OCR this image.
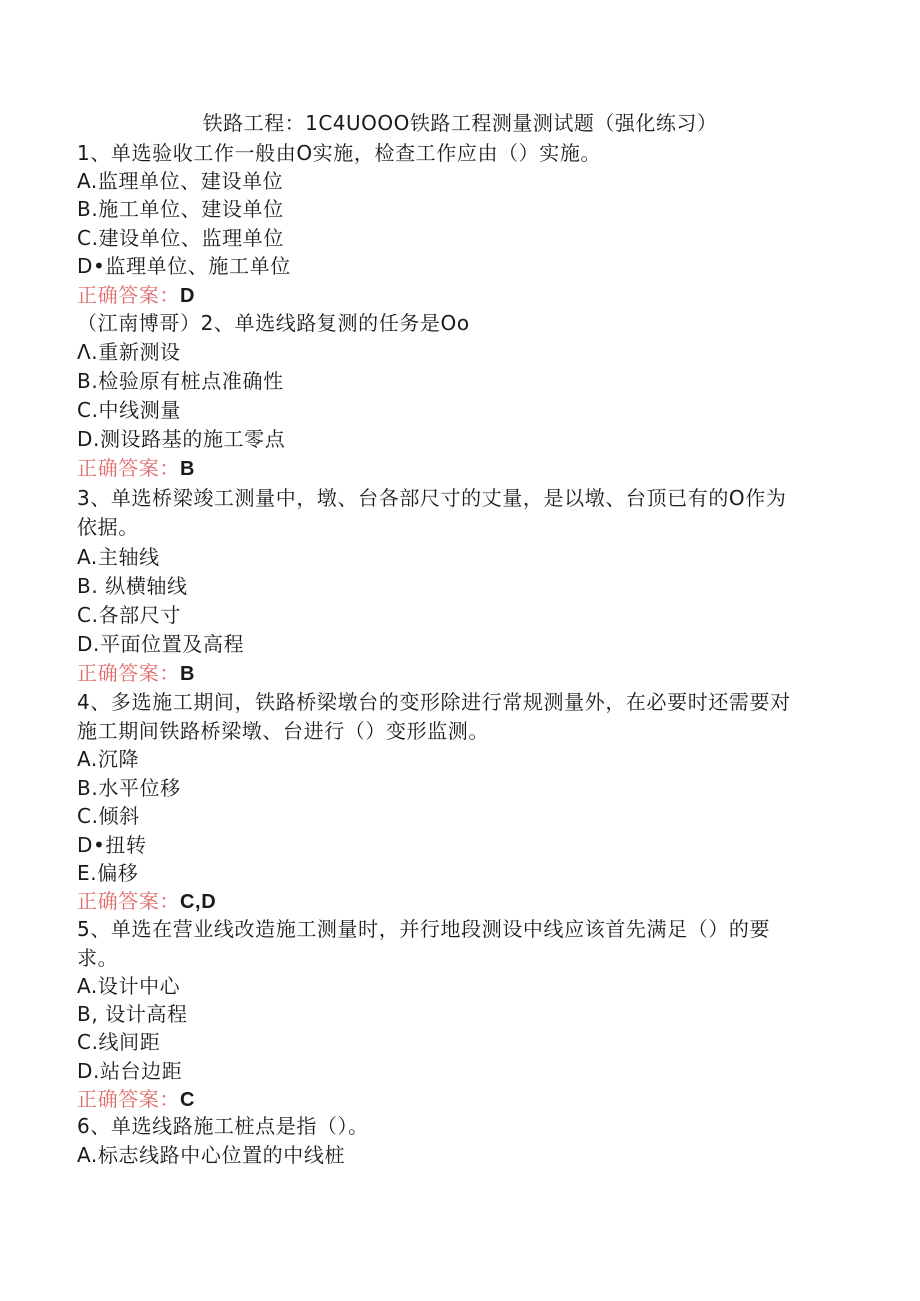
铁路工程：1C4UOOO铁路工程测量测试题（强化练习）
1、单选验收工作一般由O实施，检查工作应由（）实施。
A.监理单位、建设单位
B.施工单位、建设单位
C.建设单位、监理单位
D•监理单位、施工单位
正确答案：D
（江南博哥）2、单选线路复测的任务是Oo
Λ.重新测设
B.检验原有桩点准确性
C.中线测量
D.测设路基的施工零点
正确答案：B
3、单选桥梁竣工测量中，墩、台各部尺寸的丈量，是以墩、台顶已有的O作为
依据。
A.主轴线
B. 纵横轴线
C.各部尺寸
D.平面位置及高程
正确答案：B
4、多选施工期间，铁路桥梁墩台的变形除进行常规测量外，在必要时还需要对
施工期间铁路桥梁墩、台进行（）变形监测。
A.沉降
B.水平位移
C.倾斜
D•扭转
E.偏移
正确答案：C,D
5、单选在营业线改造施工测量时，并行地段测设中线应该首先满足（）的要
求。
A.设计中心
B, 设计高程
C.线间距
D.站台边距
正确答案：C
6、单选线路施工桩点是指（）。
A.标志线路中心位置的中线桩
